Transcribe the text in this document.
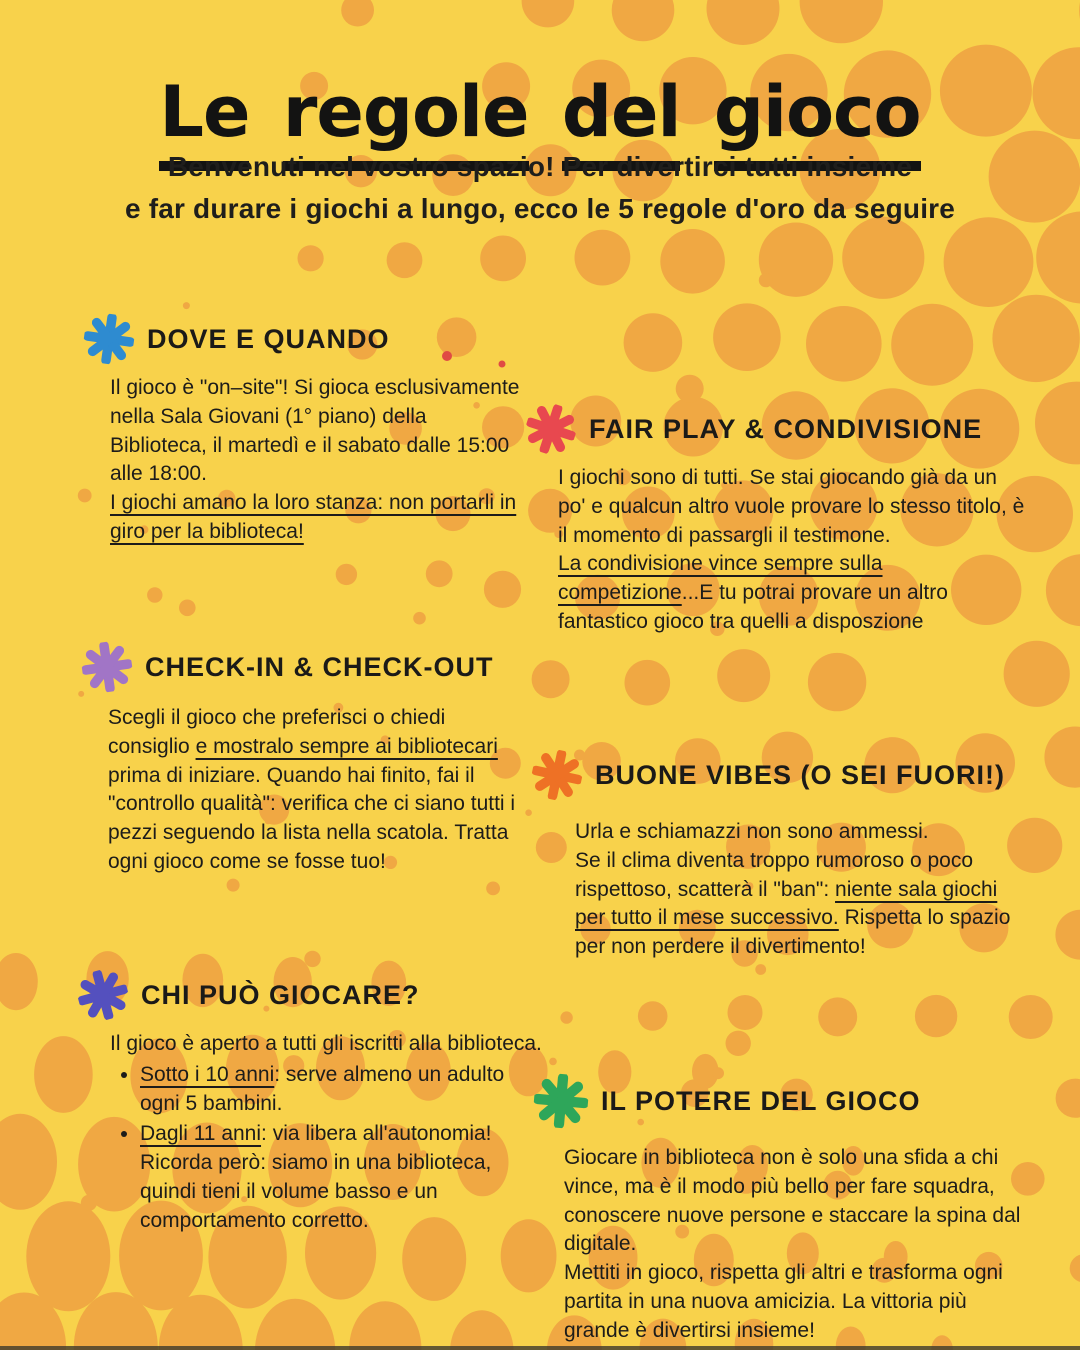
Le regole del gioco
Benvenuti nel vostro spazio! Per divertirci tutti insieme
e far durare i giochi a lungo, ecco le 5 regole d'oro da seguire
DOVE E QUANDO

Il gioco è "on–site"! Si gioca esclusivamente nella Sala Giovani (1° piano) della Biblioteca, il martedì e il sabato dalle 15:00 alle 18:00.
I giochi amano la loro stanza: non portarli in giro per la biblioteca!

FAIR PLAY & CONDIVISIONE

I giochi sono di tutti. Se stai giocando già da un po' e qualcun altro vuole provare lo stesso titolo, è il momento di passargli il testimone.
La condivisione vince sempre sulla competizione...E tu potrai provare un altro fantastico gioco tra quelli a disposzione

CHECK-IN & CHECK-OUT

Scegli il gioco che preferisci o chiedi consiglio e mostralo sempre ai bibliotecari prima di iniziare. Quando hai finito, fai il "controllo qualità": verifica che ci siano tutti i pezzi seguendo la lista nella scatola. Tratta ogni gioco come se fosse tuo!

BUONE VIBES (O SEI FUORI!)

Urla e schiamazzi non sono ammessi.
Se il clima diventa troppo rumoroso o poco rispettoso, scatterà il "ban": niente sala giochi per tutto il mese successivo. Rispetta lo spazio per non perdere il divertimento!

CHI PUÒ GIOCARE?
Il gioco è aperto a tutti gli iscritti alla biblioteca.
• Sotto i 10 anni: serve almeno un adulto ogni 5 bambini.
• Dagli 11 anni: via libera all'autonomia! Ricorda però: siamo in una biblioteca, quindi tieni il volume basso e un comportamento corretto.
IL POTERE DEL GIOCO

Giocare in biblioteca non è solo una sfida a chi vince, ma è il modo più bello per fare squadra, conoscere nuove persone e staccare la spina dal digitale.
Mettiti in gioco, rispetta gli altri e trasforma ogni partita in una nuova amicizia. La vittoria più grande è divertirsi insieme!
